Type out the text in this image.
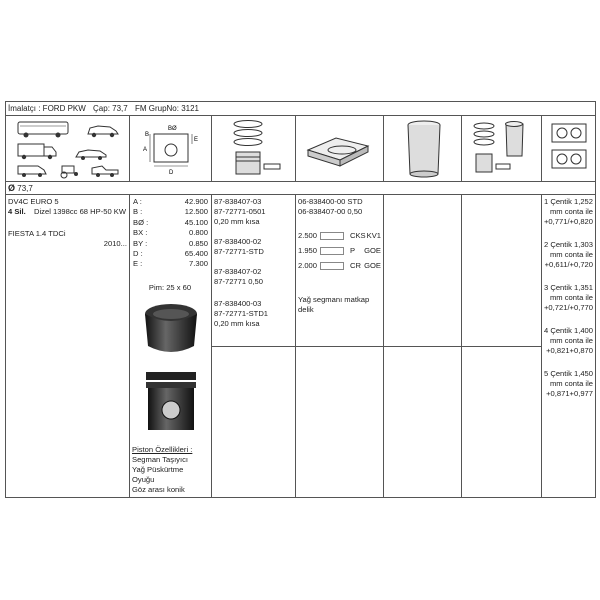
İmalatçı : FORD PKW Çap: 73,7 FM GrupNo: 3121
A
B
BØ
E
D
Ø 73,7
DV4C EURO 5
4 Sil. Dizel 1398cc 68 HP-50 KW
FIESTA 1.4 TDCi
2010...
A :	42.900
B :	12.500
BØ :	45.100
BX :	0.800
BY :	0.850
D :	65.400
E :	7.300
Pim: 25 x 60
Piston Özellikleri :
Segman Taşıyıcı
Yağ Püskürtme
Oyuğu
Göz arası konik
87-838407-03
87-72771-0501
0,20 mm kısa
87-838400-02
87-72771-STD
87-838407-02
87-72771 0,50
87-838400-03
87-72771-STD1
0,20 mm kısa
06-838400-00 STD
06-838407-00 0,50
2.500	CKS KV1
1.950	P GOE
2.000	CR GOE
Yağ segmanı matkap
delik
1 Çentik 1,252
mm conta ile
+0,771/+0,820
2 Çentik 1,303
mm conta ile
+0,611/+0,720
3 Çentik 1,351
mm conta ile
+0,721/+0,770
4 Çentik 1,400
mm conta ile
+0,821+0,870
5 Çentik 1,450
mm conta ile
+0,871+0,977
